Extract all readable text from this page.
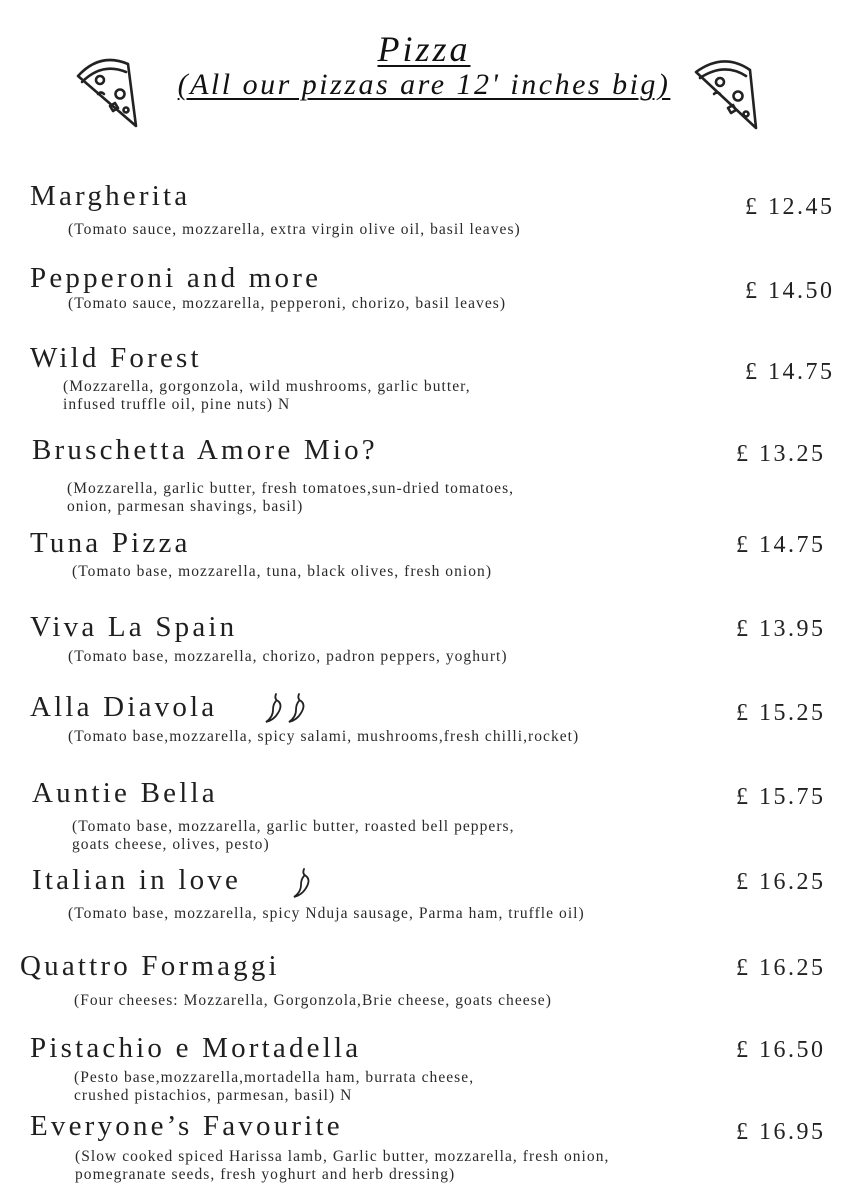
Pizza
(All our pizzas are 12' inches big)
Margherita
(Tomato sauce, mozzarella, extra virgin olive oil, basil leaves)
£ 12.45
Pepperoni and more
(Tomato sauce, mozzarella, pepperoni, chorizo, basil leaves)	£ 14.50
Wild Forest
(Mozzarella, gorgonzola, wild mushrooms, garlic butter,
infused truffle oil, pine nuts) N
£ 14.75
Bruschetta Amore Mio?
(Mozzarella, garlic butter, fresh tomatoes,sun-dried tomatoes,
onion, parmesan shavings, basil)
£ 13.25
Tuna Pizza
(Tomato base, mozzarella, tuna, black olives, fresh onion)
£ 14.75
Viva La Spain
(Tomato base, mozzarella, chorizo, padron peppers, yoghurt)
£ 13.95
Alla Diavola
(Tomato base,mozzarella, spicy salami, mushrooms,fresh chilli,rocket)
£ 15.25
Auntie Bella
(Tomato base, mozzarella, garlic butter, roasted bell peppers,
goats cheese, olives, pesto)
£ 15.75
Italian in love
(Tomato base, mozzarella, spicy Nduja sausage, Parma ham, truffle oil)
£ 16.25
Quattro Formaggi
(Four cheeses: Mozzarella, Gorgonzola,Brie cheese, goats cheese)
£ 16.25
Pistachio e Mortadella
(Pesto base,mozzarella,mortadella ham, burrata cheese,
crushed pistachios, parmesan, basil) N
£ 16.50
Everyone’s Favourite
(Slow cooked spiced Harissa lamb, Garlic butter, mozzarella, fresh onion,
pomegranate seeds, fresh yoghurt and herb dressing)
£ 16.95
